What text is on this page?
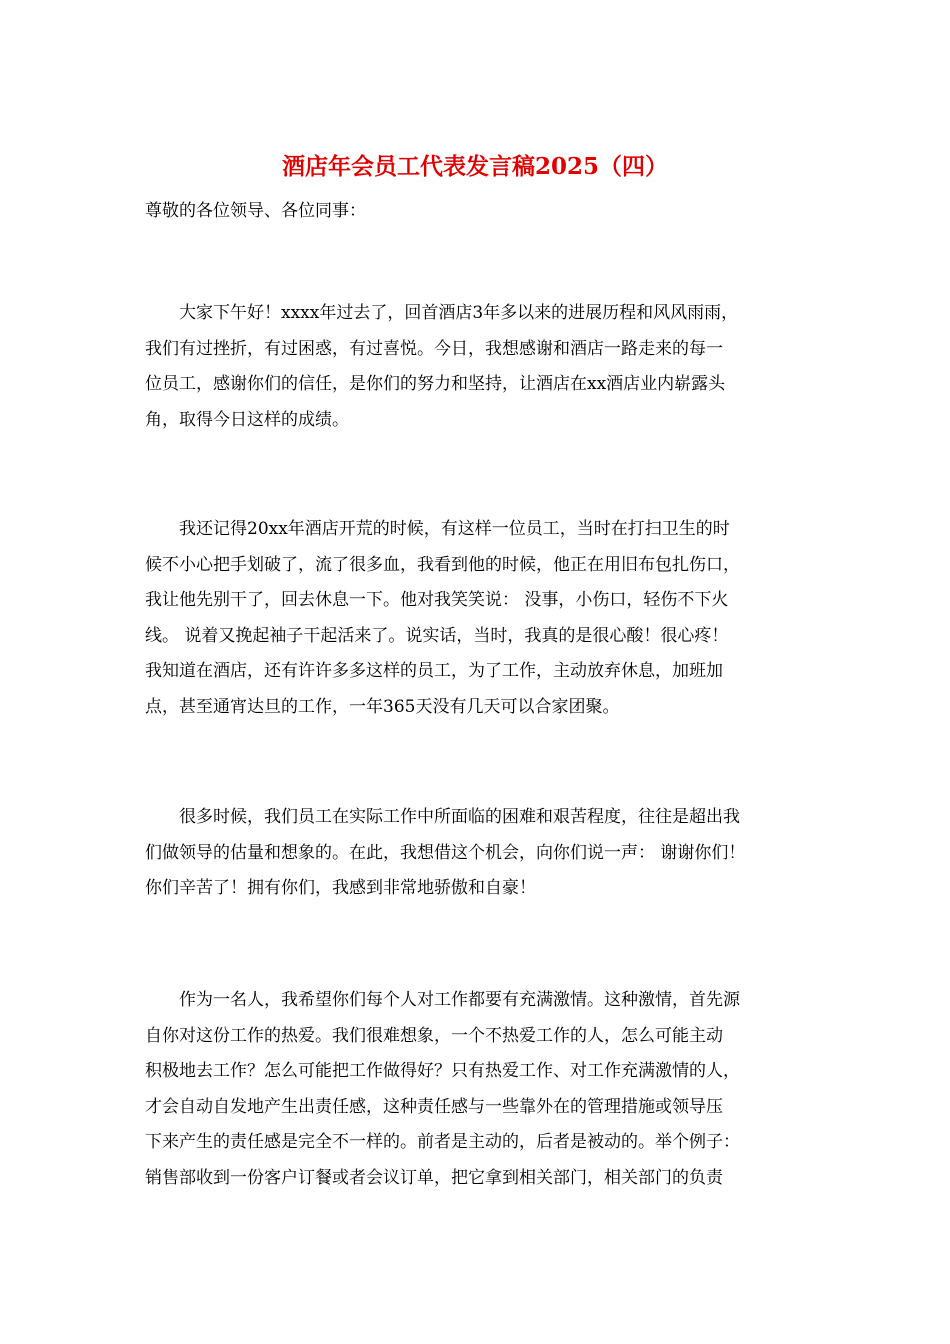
酒店年会员工代表发言稿2025（四）

尊敬的各位领导、各位同事：

　　大家下午好！xxxx年过去了，回首酒店3年多以来的进展历程和风风雨雨，
我们有过挫折，有过困惑，有过喜悦。今日，我想感谢和酒店一路走来的每一
位员工，感谢你们的信任，是你们的努力和坚持，让酒店在xx酒店业内崭露头
角，取得今日这样的成绩。

　　我还记得20xx年酒店开荒的时候，有这样一位员工，当时在打扫卫生的时
候不小心把手划破了，流了很多血，我看到他的时候，他正在用旧布包扎伤口，
我让他先别干了，回去休息一下。他对我笑笑说： 没事，小伤口，轻伤不下火
线。 说着又挽起袖子干起活来了。说实话，当时，我真的是很心酸！很心疼！
我知道在酒店，还有许许多多这样的员工，为了工作，主动放弃休息，加班加
点，甚至通宵达旦的工作，一年365天没有几天可以合家团聚。

　　很多时候，我们员工在实际工作中所面临的困难和艰苦程度，往往是超出我
们做领导的估量和想象的。在此，我想借这个机会，向你们说一声： 谢谢你们！
你们辛苦了！拥有你们，我感到非常地骄傲和自豪！

　　作为一名人，我希望你们每个人对工作都要有充满激情。这种激情，首先源
自你对这份工作的热爱。我们很难想象，一个不热爱工作的人，怎么可能主动
积极地去工作？怎么可能把工作做得好？只有热爱工作、对工作充满激情的人，
才会自动自发地产生出责任感，这种责任感与一些靠外在的管理措施或领导压
下来产生的责任感是完全不一样的。前者是主动的，后者是被动的。举个例子：
销售部收到一份客户订餐或者会议订单，把它拿到相关部门，相关部门的负责
